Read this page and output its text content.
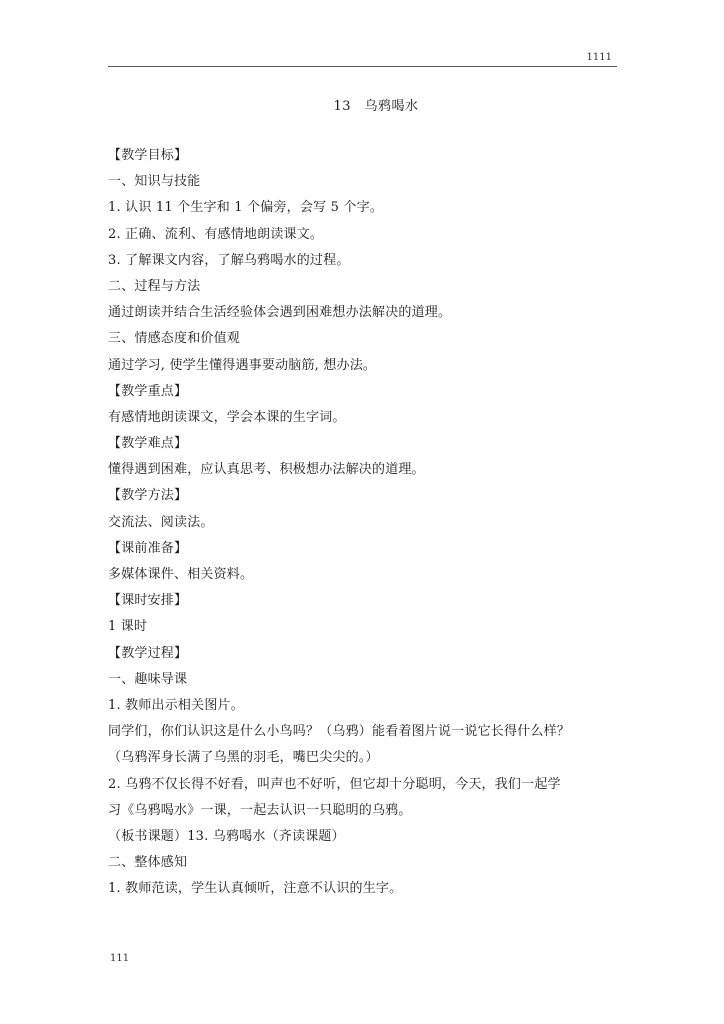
1111
13　乌鸦喝水
【教学目标】
一、知识与技能
1. 认识 11 个生字和 1 个偏旁，会写 5 个字。
2. 正确、流利、有感情地朗读课文。
3. 了解课文内容，了解乌鸦喝水的过程。
二、过程与方法
通过朗读并结合生活经验体会遇到困难想办法解决的道理。
三、情感态度和价值观
通过学习, 使学生懂得遇事要动脑筋, 想办法。
【教学重点】
有感情地朗读课文，学会本课的生字词。
【教学难点】
懂得遇到困难，应认真思考、积极想办法解决的道理。
【教学方法】
交流法、阅读法。
【课前准备】
多媒体课件、相关资料。
【课时安排】
1 课时
【教学过程】
一、趣味导课
1. 教师出示相关图片。
同学们，你们认识这是什么小鸟吗？（乌鸦）能看着图片说一说它长得什么样？
（乌鸦浑身长满了乌黑的羽毛，嘴巴尖尖的。）
2. 乌鸦不仅长得不好看，叫声也不好听，但它却十分聪明，今天，我们一起学
习《乌鸦喝水》一课，一起去认识一只聪明的乌鸦。
（板书课题）13. 乌鸦喝水（齐读课题）
二、整体感知
1. 教师范读，学生认真倾听，注意不认识的生字。
111
